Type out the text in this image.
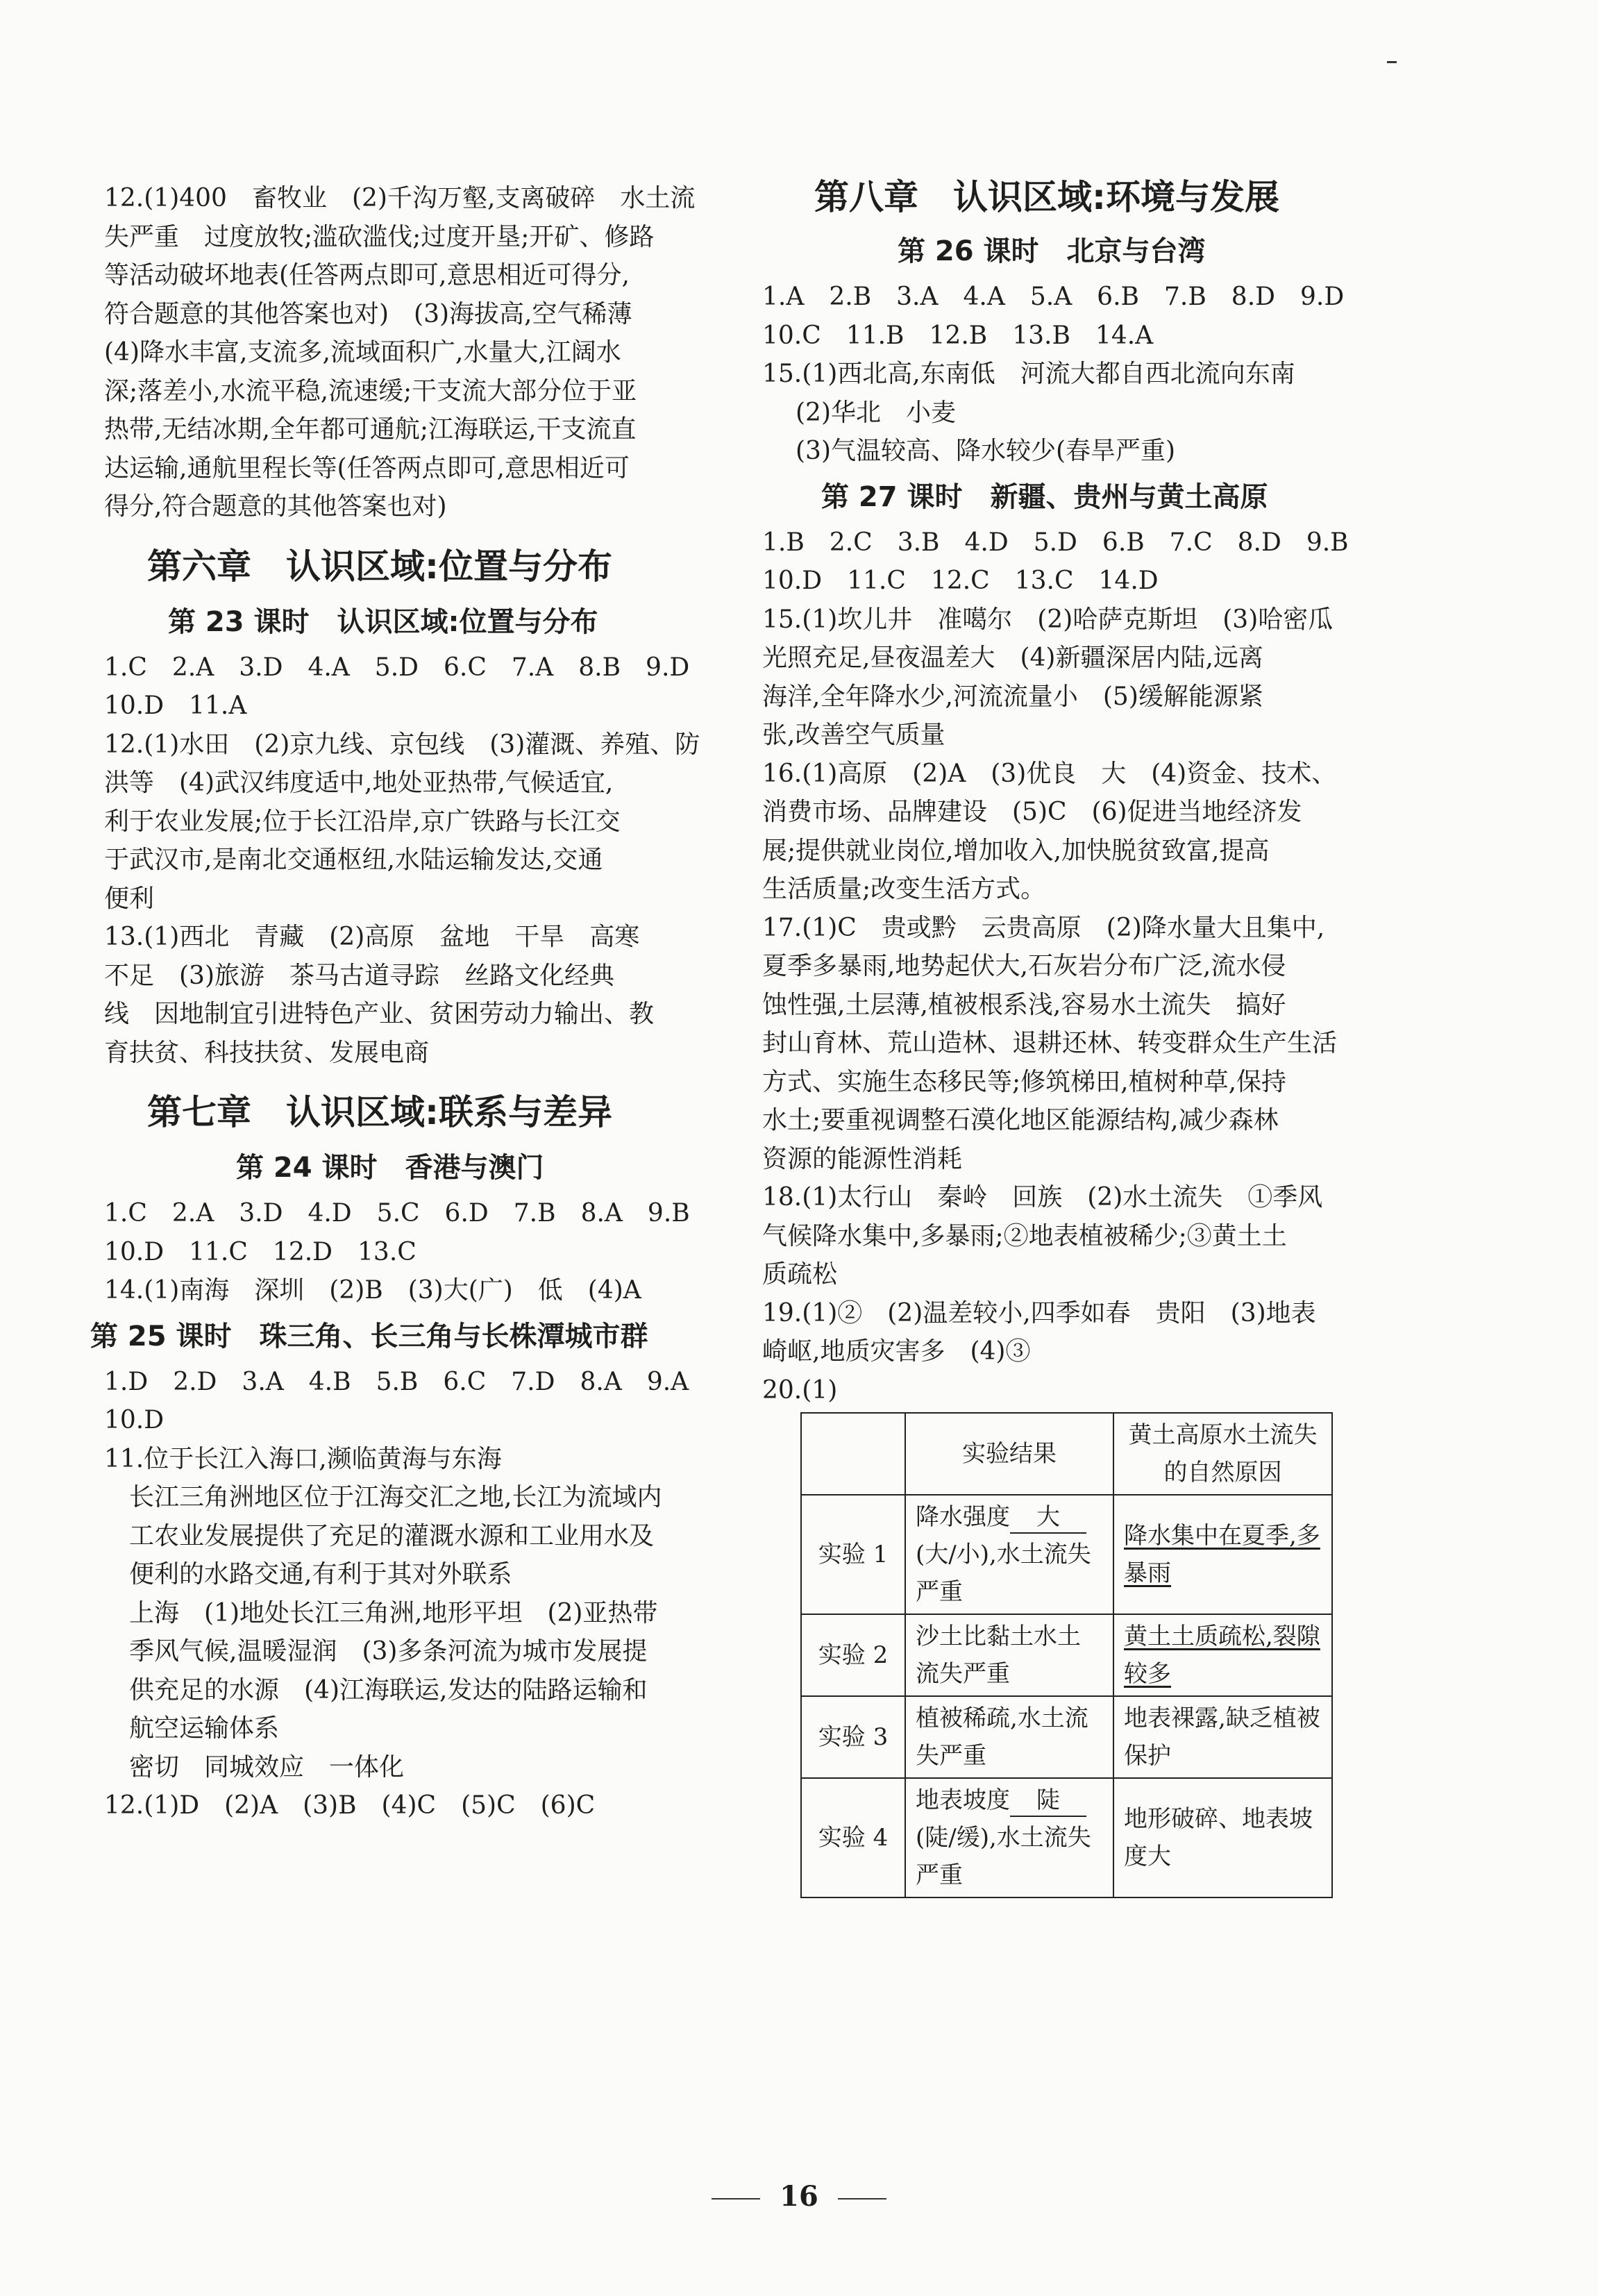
12.(1)400　畜牧业　(2)千沟万壑,支离破碎　水土流
失严重　过度放牧;滥砍滥伐;过度开垦;开矿、修路
等活动破坏地表(任答两点即可,意思相近可得分,
符合题意的其他答案也对)　(3)海拔高,空气稀薄
(4)降水丰富,支流多,流域面积广,水量大,江阔水
深;落差小,水流平稳,流速缓;干支流大部分位于亚
热带,无结冰期,全年都可通航;江海联运,干支流直
达运输,通航里程长等(任答两点即可,意思相近可
得分,符合题意的其他答案也对)
第六章　认识区域:位置与分布
第 23 课时　认识区域:位置与分布
1.C　2.A　3.D　4.A　5.D　6.C　7.A　8.B　9.D
10.D　11.A
12.(1)水田　(2)京九线、京包线　(3)灌溉、养殖、防
洪等　(4)武汉纬度适中,地处亚热带,气候适宜,
利于农业发展;位于长江沿岸,京广铁路与长江交
于武汉市,是南北交通枢纽,水陆运输发达,交通
便利
13.(1)西北　青藏　(2)高原　盆地　干旱　高寒
不足　(3)旅游　茶马古道寻踪　丝路文化经典
线　因地制宜引进特色产业、贫困劳动力输出、教
育扶贫、科技扶贫、发展电商
第七章　认识区域:联系与差异
第 24 课时　香港与澳门
1.C　2.A　3.D　4.D　5.C　6.D　7.B　8.A　9.B
10.D　11.C　12.D　13.C
14.(1)南海　深圳　(2)B　(3)大(广)　低　(4)A
第 25 课时　珠三角、长三角与长株潭城市群
1.D　2.D　3.A　4.B　5.B　6.C　7.D　8.A　9.A
10.D
11.位于长江入海口,濒临黄海与东海
长江三角洲地区位于江海交汇之地,长江为流域内
工农业发展提供了充足的灌溉水源和工业用水及
便利的水路交通,有利于其对外联系
上海　(1)地处长江三角洲,地形平坦　(2)亚热带
季风气候,温暖湿润　(3)多条河流为城市发展提
供充足的水源　(4)江海联运,发达的陆路运输和
航空运输体系
密切　同城效应　一体化
12.(1)D　(2)A　(3)B　(4)C　(5)C　(6)C
第八章　认识区域:环境与发展
第 26 课时　北京与台湾
1.A　2.B　3.A　4.A　5.A　6.B　7.B　8.D　9.D
10.C　11.B　12.B　13.B　14.A
15.(1)西北高,东南低　河流大都自西北流向东南
(2)华北　小麦
(3)气温较高、降水较少(春旱严重)
第 27 课时　新疆、贵州与黄土高原
1.B　2.C　3.B　4.D　5.D　6.B　7.C　8.D　9.B
10.D　11.C　12.C　13.C　14.D
15.(1)坎儿井　准噶尔　(2)哈萨克斯坦　(3)哈密瓜
光照充足,昼夜温差大　(4)新疆深居内陆,远离
海洋,全年降水少,河流流量小　(5)缓解能源紧
张,改善空气质量
16.(1)高原　(2)A　(3)优良　大　(4)资金、技术、
消费市场、品牌建设　(5)C　(6)促进当地经济发
展;提供就业岗位,增加收入,加快脱贫致富,提高
生活质量;改变生活方式。
17.(1)C　贵或黔　云贵高原　(2)降水量大且集中,
夏季多暴雨,地势起伏大,石灰岩分布广泛,流水侵
蚀性强,土层薄,植被根系浅,容易水土流失　搞好
封山育林、荒山造林、退耕还林、转变群众生产生活
方式、实施生态移民等;修筑梯田,植树种草,保持
水土;要重视调整石漠化地区能源结构,减少森林
资源的能源性消耗
18.(1)太行山　秦岭　回族　(2)水土流失　①季风
气候降水集中,多暴雨;②地表植被稀少;③黄土土
质疏松
19.(1)②　(2)温差较小,四季如春　贵阳　(3)地表
崎岖,地质灾害多　(4)③
20.(1)
	实验结果	黄土高原水土流失的自然原因
实验 1	降水强度 大(大/小),水土流失严重	降水集中在夏季,多暴雨
实验 2	沙土比黏土水土流失严重	黄土土质疏松,裂隙较多
实验 3	植被稀疏,水土流失严重	地表裸露,缺乏植被保护
实验 4	地表坡度 陡(陡/缓),水土流失严重	地形破碎、地表坡度大
16
